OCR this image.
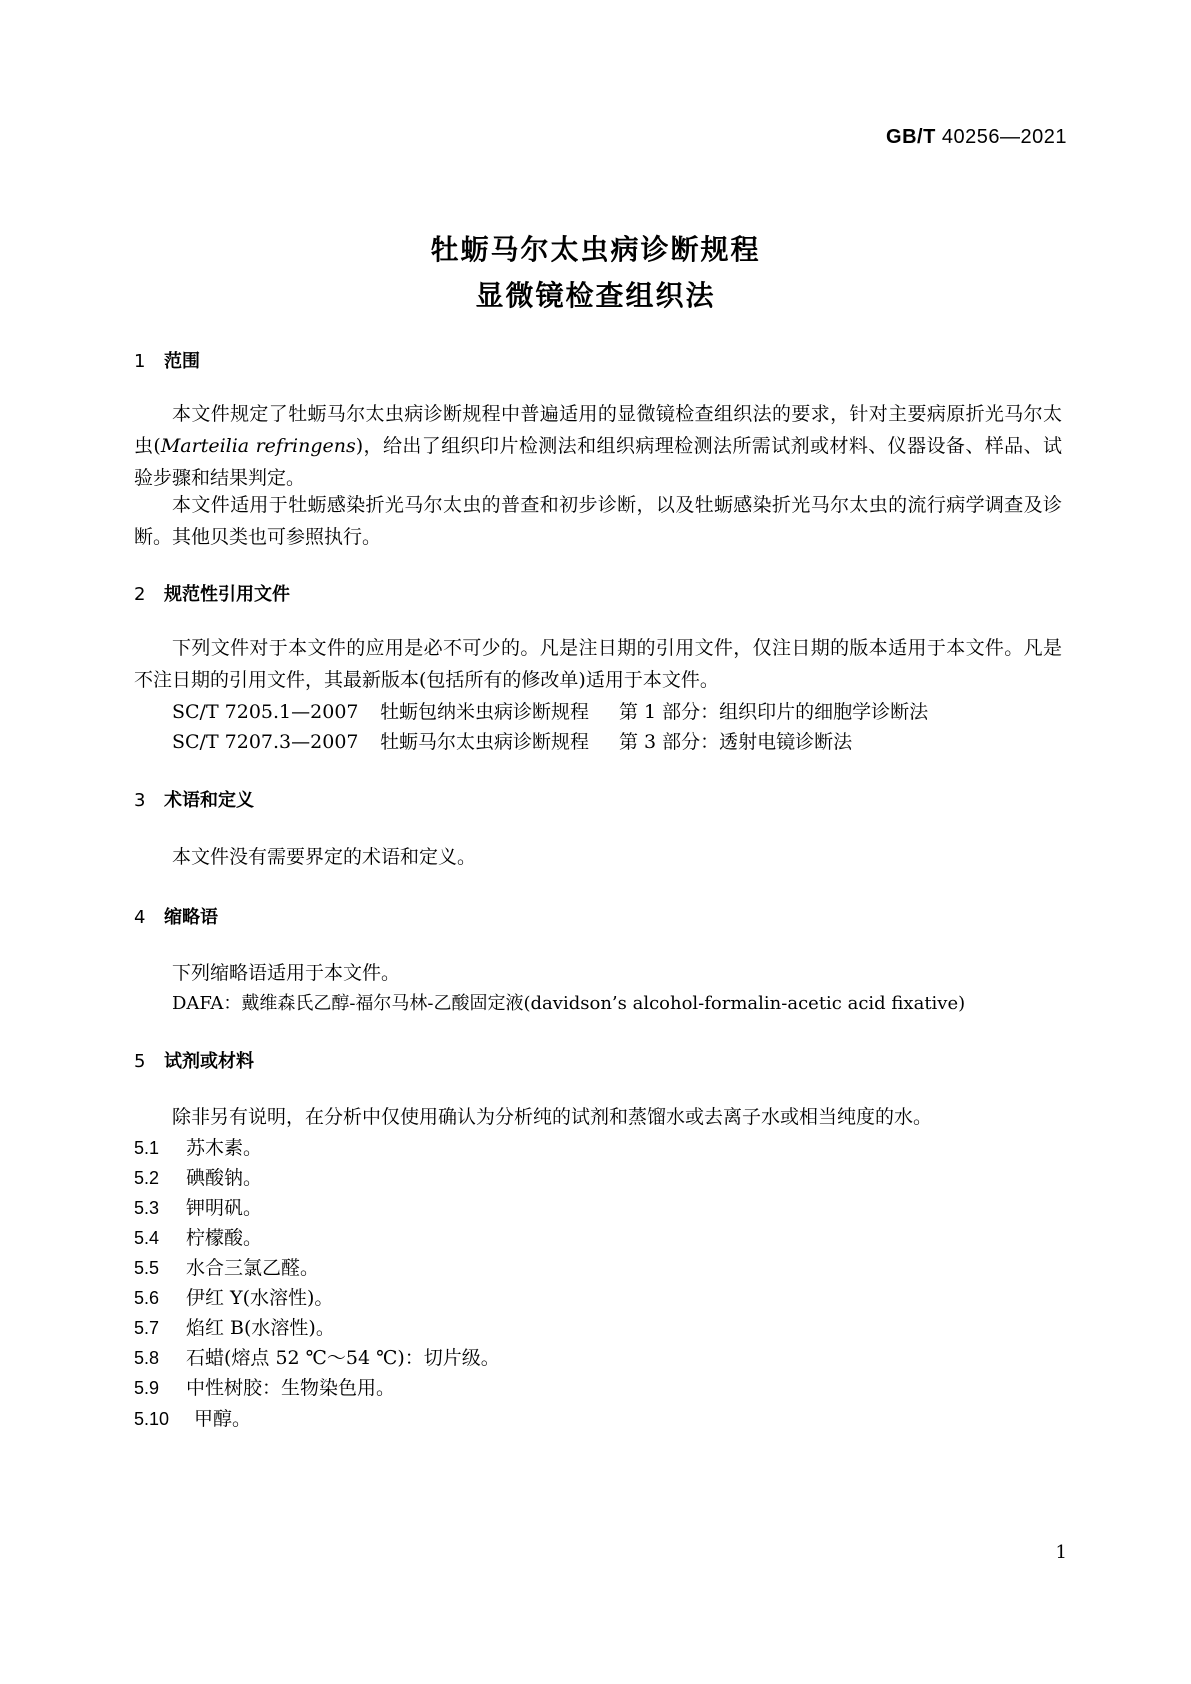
GB/T 40256—2021
牡蛎马尔太虫病诊断规程
显微镜检查组织法
1 范围
本文件规定了牡蛎马尔太虫病诊断规程中普遍适用的显微镜检查组织法的要求，针对主要病原折光马尔太虫(Marteilia refringens)，给出了组织印片检测法和组织病理检测法所需试剂或材料、仪器设备、样品、试验步骤和结果判定。
本文件适用于牡蛎感染折光马尔太虫的普查和初步诊断，以及牡蛎感染折光马尔太虫的流行病学调查及诊断。其他贝类也可参照执行。
2 规范性引用文件
下列文件对于本文件的应用是必不可少的。凡是注日期的引用文件，仅注日期的版本适用于本文件。凡是不注日期的引用文件，其最新版本(包括所有的修改单)适用于本文件。
SC/T 7205.1—2007 牡蛎包纳米虫病诊断规程 第 1 部分：组织印片的细胞学诊断法
SC/T 7207.3—2007 牡蛎马尔太虫病诊断规程 第 3 部分：透射电镜诊断法
3 术语和定义
本文件没有需要界定的术语和定义。
4 缩略语
下列缩略语适用于本文件。
DAFA：戴维森氏乙醇-福尔马林-乙酸固定液(davidson’s alcohol-formalin-acetic acid fixative)
5 试剂或材料
除非另有说明，在分析中仅使用确认为分析纯的试剂和蒸馏水或去离子水或相当纯度的水。
5.1 苏木素。
5.2 碘酸钠。
5.3 钾明矾。
5.4 柠檬酸。
5.5 水合三氯乙醛。
5.6 伊红 Y(水溶性)。
5.7 焰红 B(水溶性)。
5.8 石蜡(熔点 52 ℃～54 ℃)：切片级。
5.9 中性树胶：生物染色用。
5.10 甲醇。
1
